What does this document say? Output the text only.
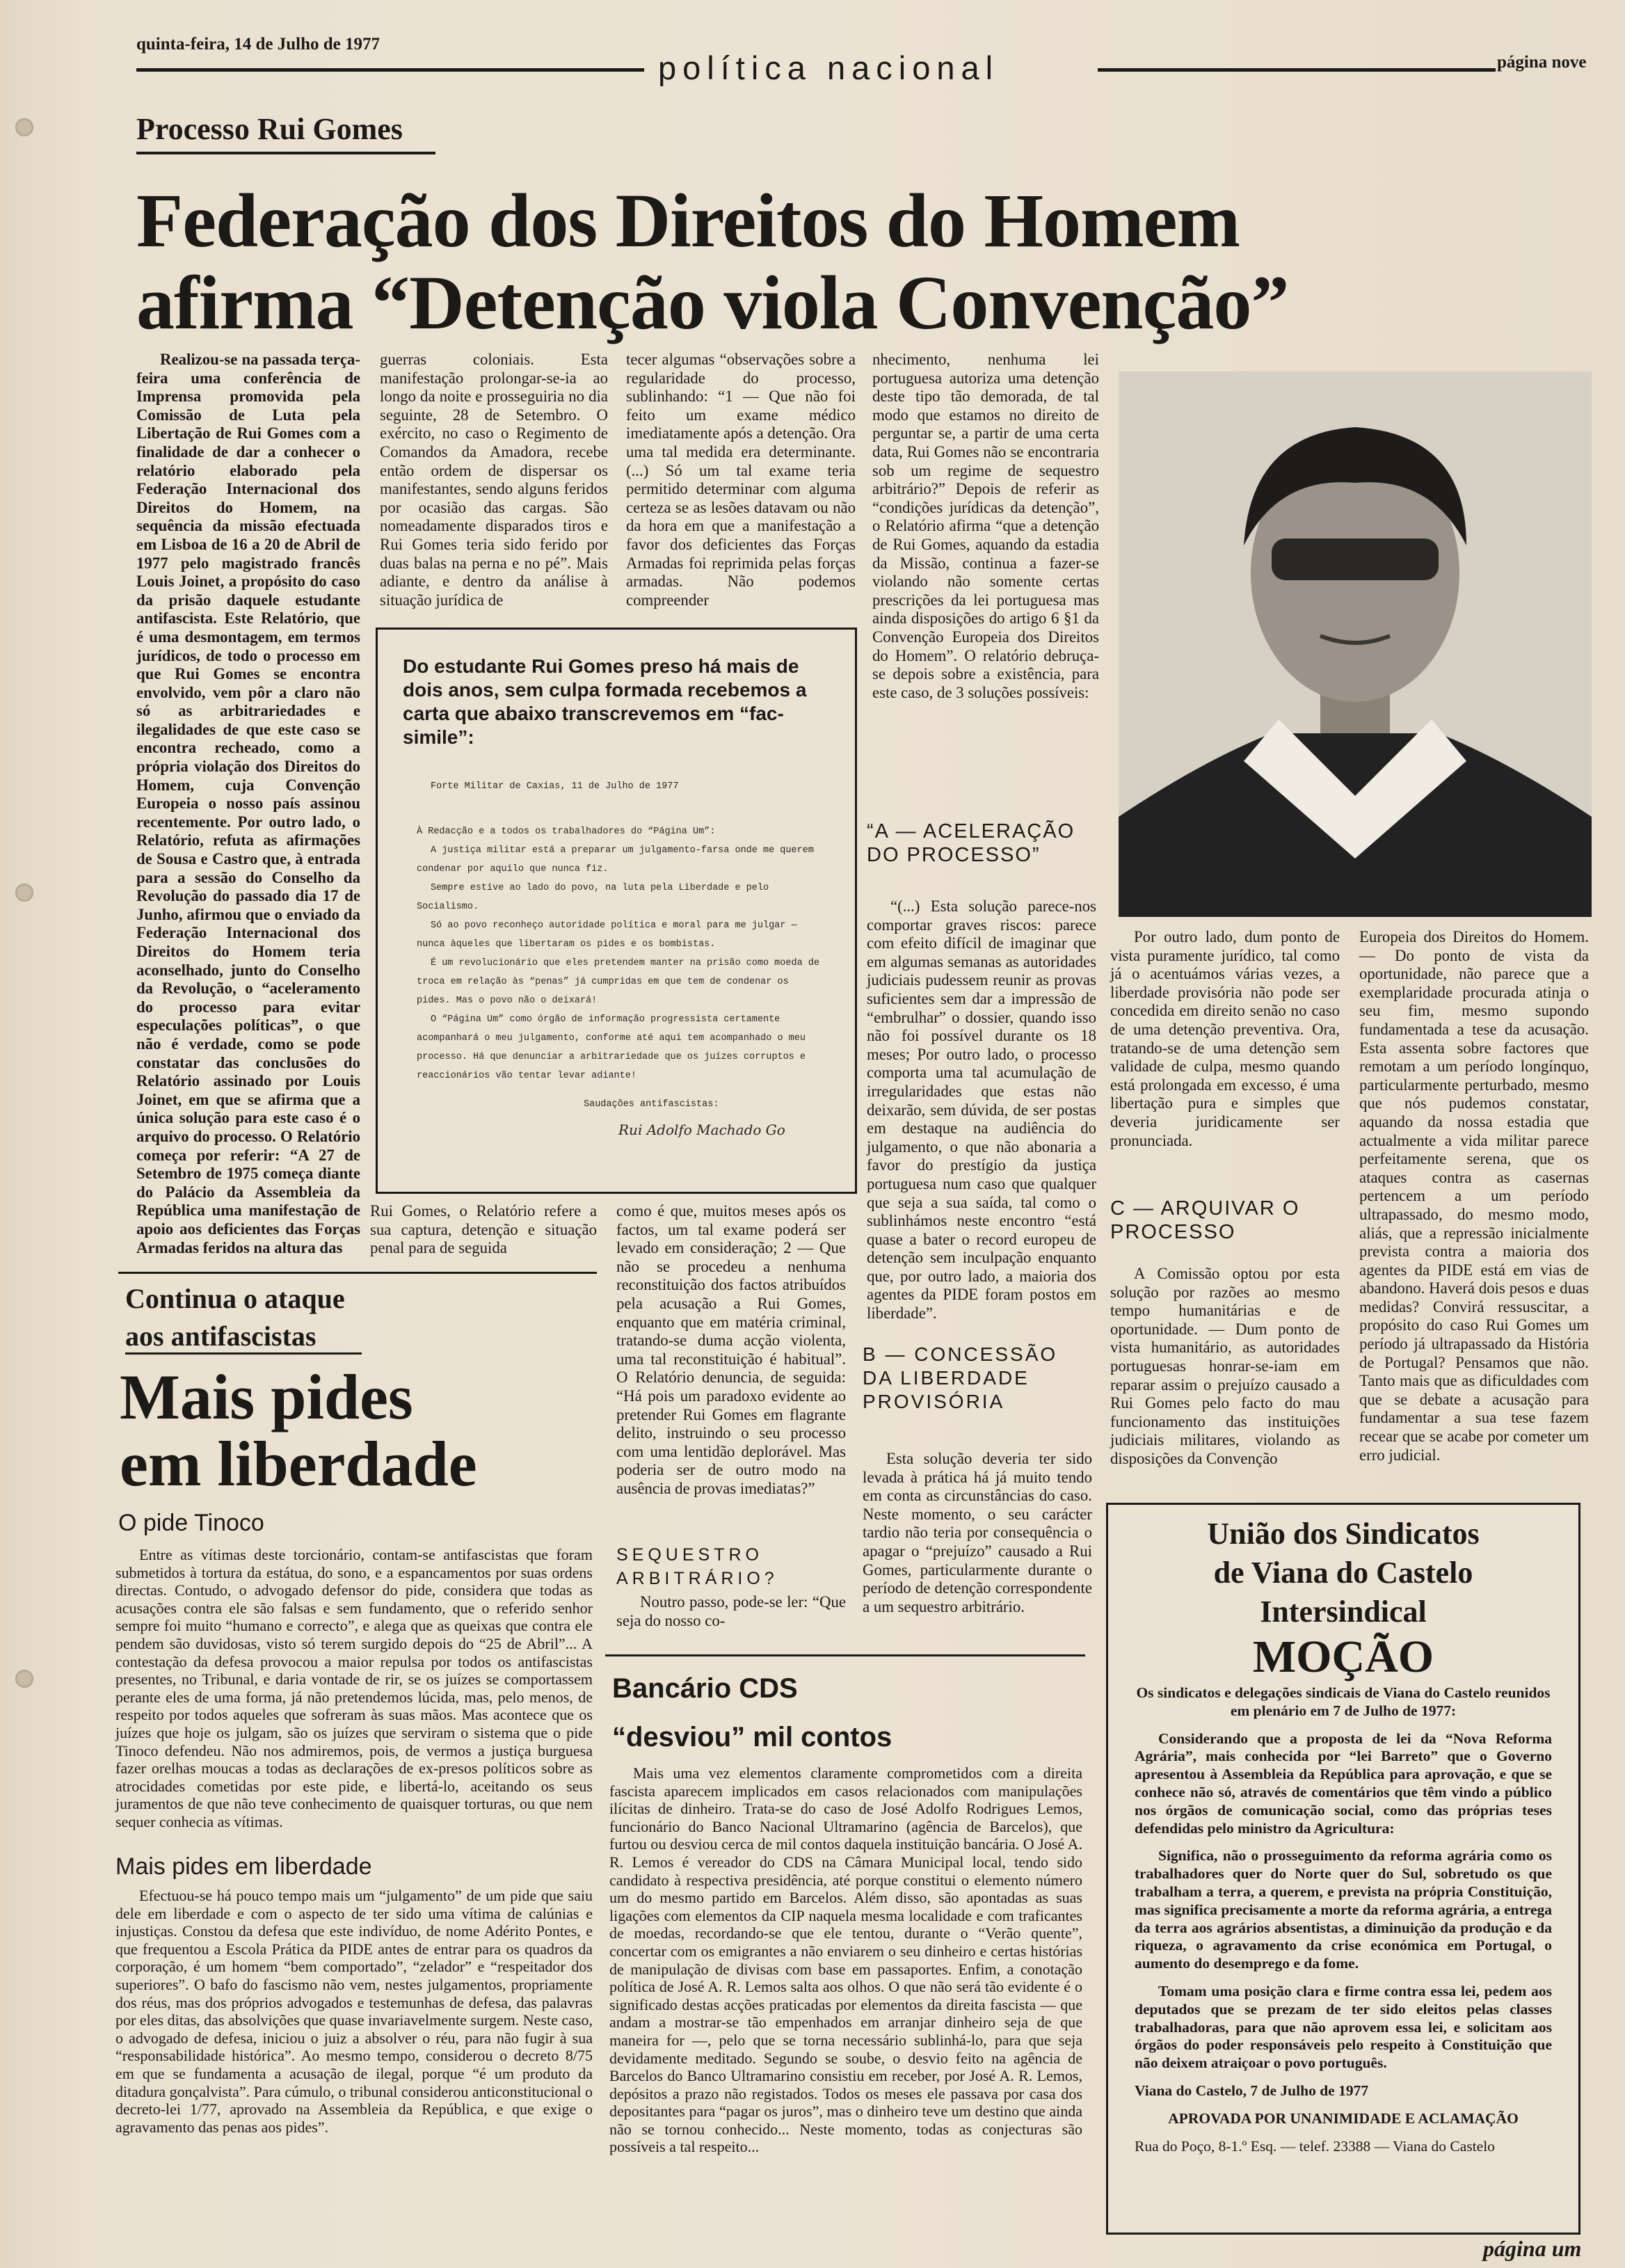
quinta-feira, 14 de Julho de 1977
política nacional	página nove
Processo Rui Gomes
Federação dos Direitos do Homem
afirma “Detenção viola Convenção”

Realizou-se na passada terça-feira uma conferência de Imprensa promovida pela Comissão de Luta pela Libertação de Rui Gomes com a finalidade de dar a conhecer o relatório elaborado pela Federação Internacional dos Direitos do Homem, na sequência da missão efectuada em Lisboa de 16 a 20 de Abril de 1977 pelo magistrado francês Louis Joinet, a propósito do caso da prisão daquele estudante antifascista. Este Relatório, que é uma desmontagem, em termos jurídicos, de todo o processo em que Rui Gomes se encontra envolvido, vem pôr a claro não só as arbitrariedades e ilegalidades de que este caso se encontra recheado, como a própria violação dos Direitos do Homem, cuja Convenção Europeia o nosso país assinou recentemente. Por outro lado, o Relatório, refuta as afirmações de Sousa e Castro que, à entrada para a sessão do Conselho da Revolução do passado dia 17 de Junho, afirmou que o enviado da Federação Internacional dos Direitos do Homem teria aconselhado, junto do Conselho da Revolução, o “aceleramento do processo para evitar especulações políticas”, o que não é verdade, como se pode constatar das conclusões do Relatório assinado por Louis Joinet, em que se afirma que a única solução para este caso é o arquivo do processo. O Relatório começa por referir: “A 27 de Setembro de 1975 começa diante do Palácio da Assembleia da República uma manifestação de apoio aos deficientes das Forças Armadas feridos na altura das

guerras coloniais. Esta manifestação prolongar-se-ia ao longo da noite e prosseguiria no dia seguinte, 28 de Setembro. O exército, no caso o Regimento de Comandos da Amadora, recebe então ordem de dispersar os manifestantes, sendo alguns feridos por ocasião das cargas. São nomeadamente disparados tiros e Rui Gomes teria sido ferido por duas balas na perna e no pé”. Mais adiante, e dentro da análise à situação jurídica de

tecer algumas “observações sobre a regularidade do processo, sublinhando: “1 — Que não foi feito um exame médico imediatamente após a detenção. Ora uma tal medida era determinante. (...) Só um tal exame teria permitido determinar com alguma certeza se as lesões datavam ou não da hora em que a manifestação a favor dos deficientes das Forças Armadas foi reprimida pelas forças armadas. Não podemos compreender

Do estudante Rui Gomes preso há mais de dois anos, sem culpa formada recebemos a carta que abaixo transcrevemos em “fac-simile”:
Forte Militar de Caxias, 11 de Julho de 1977
À Redacção e a todos os trabalhadores do “Página Um”:
A justiça militar está a preparar um julgamento-farsa onde me querem condenar por aquilo que nunca fiz.
Sempre estive ao lado do povo, na luta pela Liberdade e pelo Socialismo.
Só ao povo reconheço autoridade política e moral para me julgar — nunca àqueles que libertaram os pides e os bombistas.
É um revolucionário que eles pretendem manter na prisão como moeda de troca em relação às “penas” já cumpridas em que tem de condenar os pides. Mas o povo não o deixará!
O “Página Um” como órgão de informação progressista certamente acompanhará o meu julgamento, conforme até aqui tem acompanhado o meu processo. Há que denunciar a arbitrariedade que os juízes corruptos e reaccionários vão tentar levar adiante!
Saudações antifascistas:
Rui Adolfo Machado Go

Rui Gomes, o Relatório refere a sua captura, detenção e situação penal para de seguida

como é que, muitos meses após os factos, um tal exame poderá ser levado em consideração; 2 — Que não se procedeu a nenhuma reconstituição dos factos atribuídos pela acusação a Rui Gomes, enquanto que em matéria criminal, tratando-se duma acção violenta, uma tal reconstituição é habitual”. O Relatório denuncia, de seguida: “Há pois um paradoxo evidente ao pretender Rui Gomes em flagrante delito, instruindo o seu processo com uma lentidão deplorável. Mas poderia ser de outro modo na ausência de provas imediatas?”

SEQUESTRO ARBITRÁRIO?

Noutro passo, pode-se ler: “Que seja do nosso co-

nhecimento, nenhuma lei portuguesa autoriza uma detenção deste tipo tão demorada, de tal modo que estamos no direito de perguntar se, a partir de uma certa data, Rui Gomes não se encontraria sob um regime de sequestro arbitrário?” Depois de referir as “condições jurídicas da detenção”, o Relatório afirma “que a detenção de Rui Gomes, aquando da estadia da Missão, continua a fazer-se violando não somente certas prescrições da lei portuguesa mas ainda disposições do artigo 6 §1 da Convenção Europeia dos Direitos do Homem”. O relatório debruça-se depois sobre a existência, para este caso, de 3 soluções possíveis:

“A — ACELERAÇÃO DO PROCESSO”

“(...) Esta solução parece-nos comportar graves riscos: parece com efeito difícil de imaginar que em algumas semanas as autoridades judiciais pudessem reunir as provas suficientes sem dar a impressão de “embrulhar” o dossier, quando isso não foi possível durante os 18 meses; Por outro lado, o processo comporta uma tal acumulação de irregularidades que estas não deixarão, sem dúvida, de ser postas em destaque na audiência do julgamento, o que não abonaria a favor do prestígio da justiça portuguesa num caso que qualquer que seja a sua saída, tal como o sublinhámos neste encontro “está quase a bater o record europeu de detenção sem inculpação enquanto que, por outro lado, a maioria dos agentes da PIDE foram postos em liberdade”.

B — CONCESSÃO DA LIBERDADE PROVISÓRIA

Esta solução deveria ter sido levada à prática há já muito tendo em conta as circunstâncias do caso. Neste momento, o seu carácter tardio não teria por consequência o apagar o “prejuízo” causado a Rui Gomes, particularmente durante o período de detenção correspondente a um sequestro arbitrário.

Por outro lado, dum ponto de vista puramente jurídico, tal como já o acentuámos várias vezes, a liberdade provisória não pode ser concedida em direito senão no caso de uma detenção preventiva. Ora, tratando-se de uma detenção sem validade de culpa, mesmo quando está prolongada em excesso, é uma libertação pura e simples que deveria juridicamente ser pronunciada.

C — ARQUIVAR O PROCESSO

A Comissão optou por esta solução por razões ao mesmo tempo humanitárias e de oportunidade. — Dum ponto de vista humanitário, as autoridades portuguesas honrar-se-iam em reparar assim o prejuízo causado a Rui Gomes pelo facto do mau funcionamento das instituições judiciais militares, violando as disposições da Convenção

Europeia dos Direitos do Homem. — Do ponto de vista da oportunidade, não parece que a exemplaridade procurada atinja o seu fim, mesmo supondo fundamentada a tese da acusação. Esta assenta sobre factores que remotam a um período longínquo, particularmente perturbado, mesmo que nós pudemos constatar, aquando da nossa estadia que actualmente a vida militar parece perfeitamente serena, que os ataques contra as casernas pertencem a um período ultrapassado, do mesmo modo, aliás, que a repressão inicialmente prevista contra a maioria dos agentes da PIDE está em vias de abandono. Haverá dois pesos e duas medidas? Convirá ressuscitar, a propósito do caso Rui Gomes um período já ultrapassado da História de Portugal? Pensamos que não. Tanto mais que as dificuldades com que se debate a acusação para fundamentar a sua tese fazem recear que se acabe por cometer um erro judicial.

Continua o ataque
aos antifascistas
Mais pides
em liberdade
O pide Tinoco

Entre as vítimas deste torcionário, contam-se antifascistas que foram submetidos à tortura da estátua, do sono, e a espancamentos por suas ordens directas. Contudo, o advogado defensor do pide, considera que todas as acusações contra ele são falsas e sem fundamento, que o referido senhor sempre foi muito “humano e correcto”, e alega que as queixas que contra ele pendem são duvidosas, visto só terem surgido depois do “25 de Abril”... A contestação da defesa provocou a maior repulsa por todos os antifascistas presentes, no Tribunal, e daria vontade de rir, se os juízes se comportassem perante eles de uma forma, já não pretendemos lúcida, mas, pelo menos, de respeito por todos aqueles que sofreram às suas mãos. Mas acontece que os juízes que hoje os julgam, são os juízes que serviram o sistema que o pide Tinoco defendeu. Não nos admiremos, pois, de vermos a justiça burguesa fazer orelhas moucas a todas as declarações de ex-presos políticos sobre as atrocidades cometidas por este pide, e libertá-lo, aceitando os seus juramentos de que não teve conhecimento de quaisquer torturas, ou que nem sequer conhecia as vítimas.

Mais pides em liberdade

Efectuou-se há pouco tempo mais um “julgamento” de um pide que saiu dele em liberdade e com o aspecto de ter sido uma vítima de calúnias e injustiças. Constou da defesa que este indivíduo, de nome Adérito Pontes, e que frequentou a Escola Prática da PIDE antes de entrar para os quadros da corporação, é um homem “bem comportado”, “zelador” e “respeitador dos superiores”. O bafo do fascismo não vem, nestes julgamentos, propriamente dos réus, mas dos próprios advogados e testemunhas de defesa, das palavras por eles ditas, das absolvições que quase invariavelmente surgem. Neste caso, o advogado de defesa, iniciou o juiz a absolver o réu, para não fugir à sua “responsabilidade histórica”. Ao mesmo tempo, considerou o decreto 8/75 em que se fundamenta a acusação de ilegal, porque “é um produto da ditadura gonçalvista”. Para cúmulo, o tribunal considerou anticonstitucional o decreto-lei 1/77, aprovado na Assembleia da República, e que exige o agravamento das penas aos pides”.

Bancário CDS
“desviou” mil contos

Mais uma vez elementos claramente comprometidos com a direita fascista aparecem implicados em casos relacionados com manipulações ilícitas de dinheiro. Trata-se do caso de José Adolfo Rodrigues Lemos, funcionário do Banco Nacional Ultramarino (agência de Barcelos), que furtou ou desviou cerca de mil contos daquela instituição bancária. O José A. R. Lemos é vereador do CDS na Câmara Municipal local, tendo sido candidato à respectiva presidência, até porque constitui o elemento número um do mesmo partido em Barcelos. Além disso, são apontadas as suas ligações com elementos da CIP naquela mesma localidade e com traficantes de moedas, recordando-se que ele tentou, durante o “Verão quente”, concertar com os emigrantes a não enviarem o seu dinheiro e certas histórias de manipulação de divisas com base em passaportes. Enfim, a conotação política de José A. R. Lemos salta aos olhos. O que não será tão evidente é o significado destas acções praticadas por elementos da direita fascista — que andam a mostrar-se tão empenhados em arranjar dinheiro seja de que maneira for —, pelo que se torna necessário sublinhá-lo, para que seja devidamente meditado. Segundo se soube, o desvio feito na agência de Barcelos do Banco Ultramarino consistiu em receber, por José A. R. Lemos, depósitos a prazo não registados. Todos os meses ele passava por casa dos depositantes para “pagar os juros”, mas o dinheiro teve um destino que ainda não se tornou conhecido... Neste momento, todas as conjecturas são possíveis a tal respeito...

União dos Sindicatos
de Viana do Castelo
Intersindical
MOÇÃO

Os sindicatos e delegações sindicais de Viana do Castelo reunidos em plenário em 7 de Julho de 1977:

Considerando que a proposta de lei da “Nova Reforma Agrária”, mais conhecida por “lei Barreto” que o Governo apresentou à Assembleia da República para aprovação, e que se conhece não só, através de comentários que têm vindo a público nos órgãos de comunicação social, como das próprias teses defendidas pelo ministro da Agricultura:

Significa, não o prosseguimento da reforma agrária como os trabalhadores quer do Norte quer do Sul, sobretudo os que trabalham a terra, a querem, e prevista na própria Constituição, mas significa precisamente a morte da reforma agrária, a entrega da terra aos agrários absentistas, a diminuição da produção e da riqueza, o agravamento da crise económica em Portugal, o aumento do desemprego e da fome.

Tomam uma posição clara e firme contra essa lei, pedem aos deputados que se prezam de ter sido eleitos pelas classes trabalhadoras, para que não aprovem essa lei, e solicitam aos órgãos do poder responsáveis pelo respeito à Constituição que não deixem atraiçoar o povo português.

Viana do Castelo, 7 de Julho de 1977

APROVADA POR UNANIMIDADE E ACLAMAÇÃO

Rua do Poço, 8-1.º Esq. — telef. 23388 — Viana do Castelo

página um
